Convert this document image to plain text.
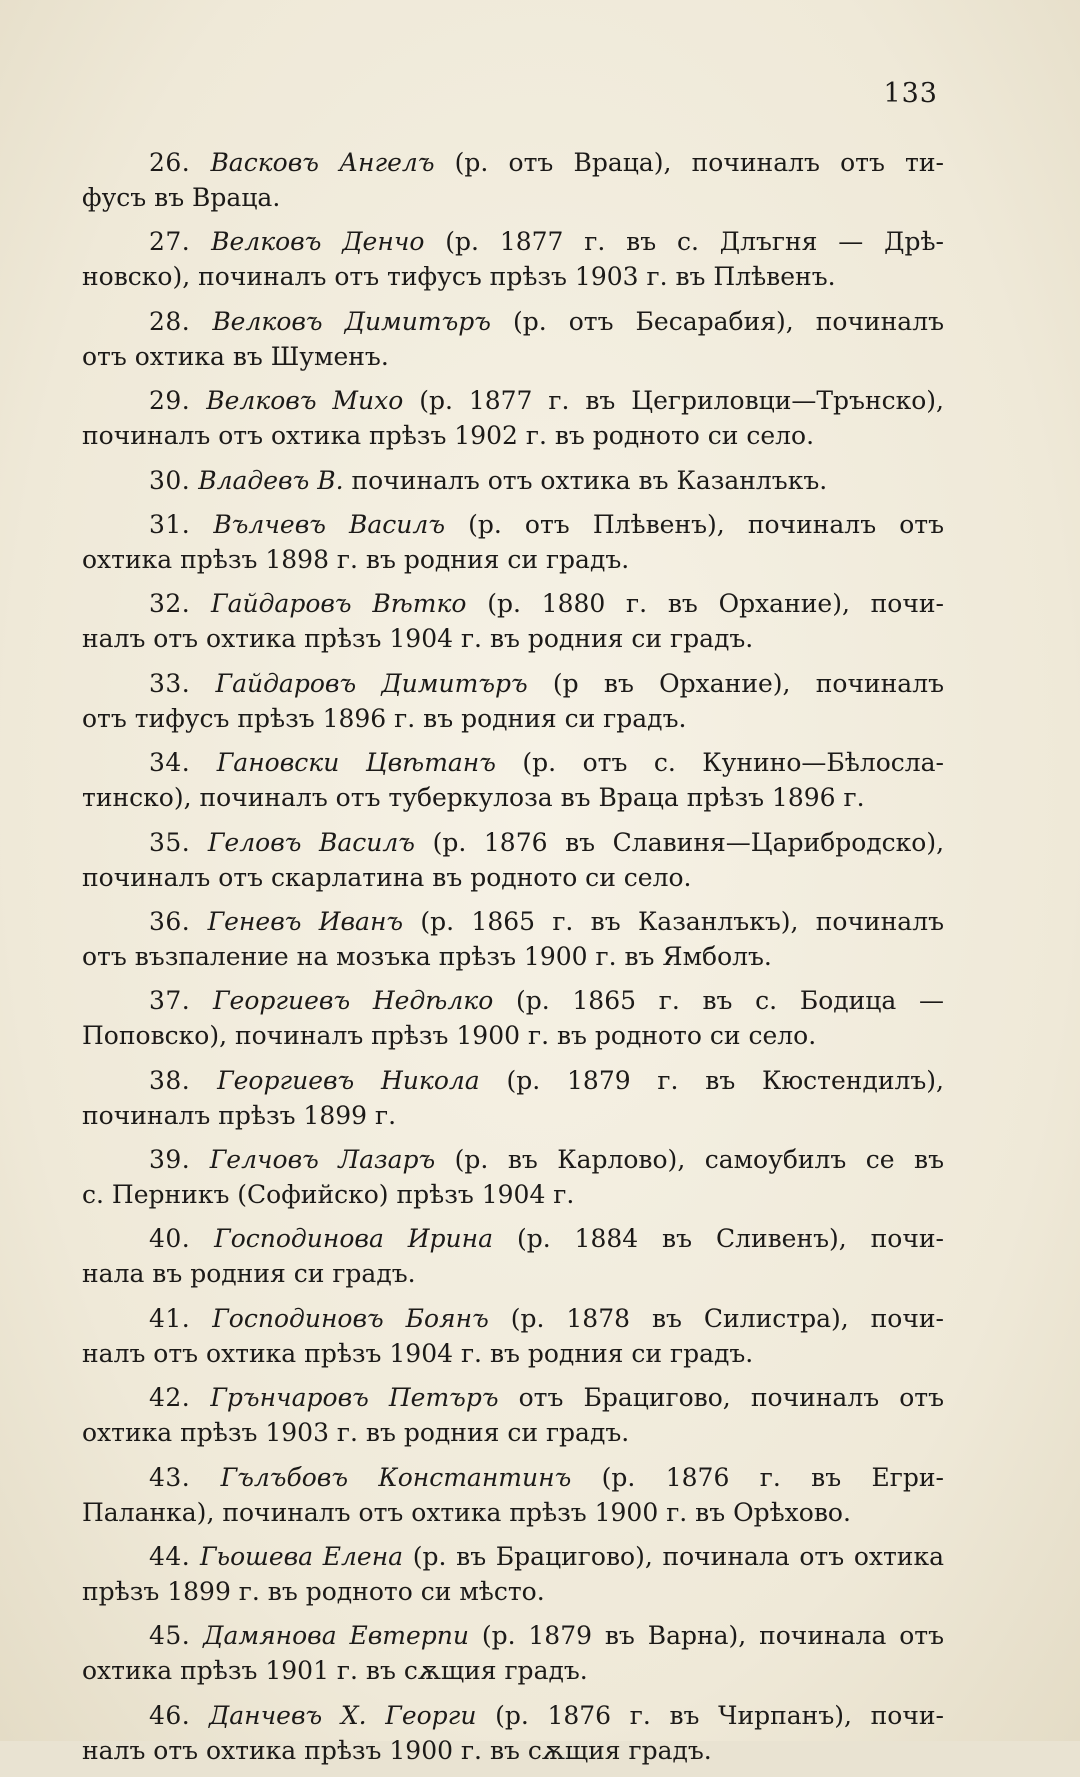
133
26. Васковъ Ангелъ (р. отъ Враца), починалъ отъ ти-
фусъ въ Враца.
27. Велковъ Денчо (р. 1877 г. въ с. Длъгня — Дрѣ-
новско), починалъ отъ тифусъ прѣзъ 1903 г. въ Плѣвенъ.
28. Велковъ Димитъръ (р. отъ Бесарабия), починалъ
отъ охтика въ Шуменъ.
29. Велковъ Михо (р. 1877 г. въ Цегриловци—Трънско),
починалъ отъ охтика прѣзъ 1902 г. въ родното си село.
30. Владевъ В. починалъ отъ охтика въ Казанлъкъ.
31. Вълчевъ Василъ (р. отъ Плѣвенъ), починалъ отъ
охтика прѣзъ 1898 г. въ родния си градъ.
32. Гайдаровъ Вѣтко (р. 1880 г. въ Орхание), почи-
налъ отъ охтика прѣзъ 1904 г. въ родния си градъ.
33. Гайдаровъ Димитъръ (р въ Орхание), починалъ
отъ тифусъ прѣзъ 1896 г. въ родния си градъ.
34. Гановски Цвѣтанъ (р. отъ с. Кунино—Бѣлосла-
тинско), починалъ отъ туберкулоза въ Враца прѣзъ 1896 г.
35. Геловъ Василъ (р. 1876 въ Славиня—Царибродско),
починалъ отъ скарлатина въ родното си село.
36. Геневъ Иванъ (р. 1865 г. въ Казанлъкъ), починалъ
отъ възпаление на мозъка прѣзъ 1900 г. въ Ямболъ.
37. Георгиевъ Недѣлко (р. 1865 г. въ с. Бодица —
Поповско), починалъ прѣзъ 1900 г. въ родното си село.
38. Георгиевъ Никола (р. 1879 г. въ Кюстендилъ),
починалъ прѣзъ 1899 г.
39. Гелчовъ Лазаръ (р. въ Карлово), самоубилъ се въ
с. Перникъ (Софийско) прѣзъ 1904 г.
40. Господинова Ирина (р. 1884 въ Сливенъ), почи-
нала въ родния си градъ.
41. Господиновъ Боянъ (р. 1878 въ Силистра), почи-
налъ отъ охтика прѣзъ 1904 г. въ родния си градъ.
42. Грънчаровъ Петъръ отъ Брацигово, починалъ отъ
охтика прѣзъ 1903 г. въ родния си градъ.
43. Гълъбовъ Константинъ (р. 1876 г. въ Егри-
Паланка), починалъ отъ охтика прѣзъ 1900 г. въ Орѣхово.
44. Гьошева Елена (р. въ Брацигово), починала отъ охтика
прѣзъ 1899 г. въ родното си мѣсто.
45. Дамянова Евтерпи (р. 1879 въ Варна), починала отъ
охтика прѣзъ 1901 г. въ сѫщия градъ.
46. Данчевъ Х. Георги (р. 1876 г. въ Чирпанъ), почи-
налъ отъ охтика прѣзъ 1900 г. въ сѫщия градъ.
